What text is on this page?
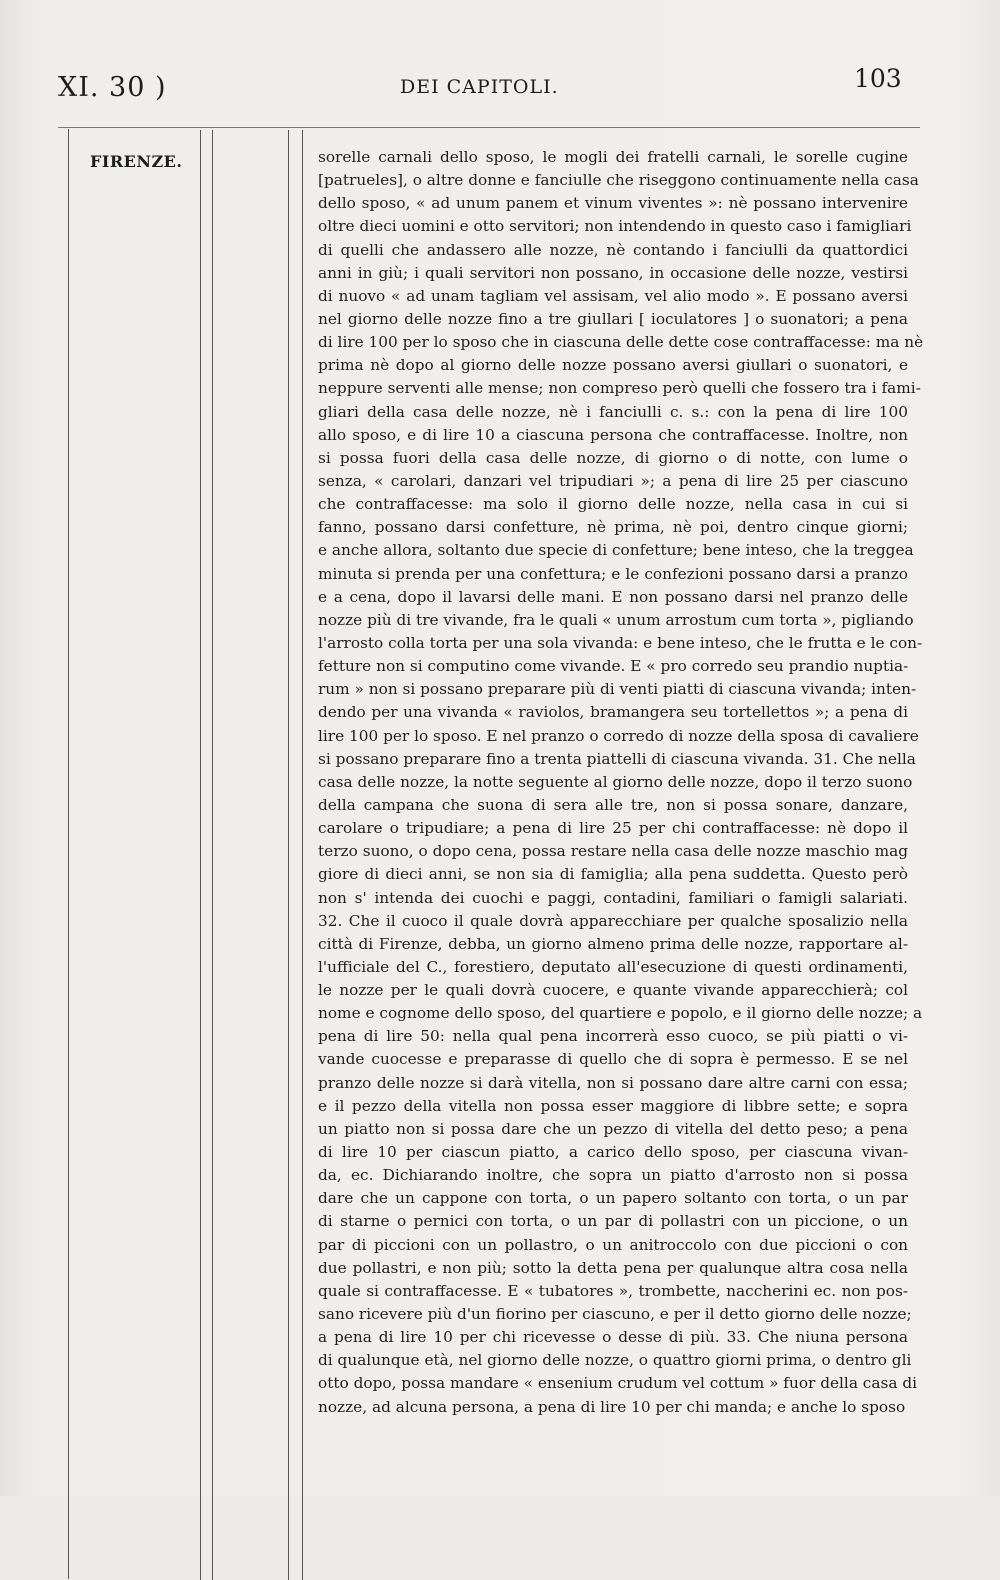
XI. 30 )	DEI CAPITOLI.	103
FIRENZE.	sorelle carnali dello sposo, le mogli dei fratelli carnali, le sorelle cugine
[patrueles], o altre donne e fanciulle che riseggono continuamente nella casa
dello sposo, « ad unum panem et vinum viventes »: nè possano intervenire
oltre dieci uomini e otto servitori; non intendendo in questo caso i famigliari
di quelli che andassero alle nozze, nè contando i fanciulli da quattordici
anni in giù; i quali servitori non possano, in occasione delle nozze, vestirsi
di nuovo « ad unam tagliam vel assisam, vel alio modo ». E possano aversi
nel giorno delle nozze fino a tre giullari [ ioculatores ] o suonatori; a pena
di lire 100 per lo sposo che in ciascuna delle dette cose contraffacesse: ma nè
prima nè dopo al giorno delle nozze possano aversi giullari o suonatori, e
neppure serventi alle mense; non compreso però quelli che fossero tra i fami-
gliari della casa delle nozze, nè i fanciulli c. s.: con la pena di lire 100
allo sposo, e di lire 10 a ciascuna persona che contraffacesse. Inoltre, non
si possa fuori della casa delle nozze, di giorno o di notte, con lume o
senza, « carolari, danzari vel tripudiari »; a pena di lire 25 per ciascuno
che contraffacesse: ma solo il giorno delle nozze, nella casa in cui si
fanno, possano darsi confetture, nè prima, nè poi, dentro cinque giorni;
e anche allora, soltanto due specie di confetture; bene inteso, che la treggea
minuta si prenda per una confettura; e le confezioni possano darsi a pranzo
e a cena, dopo il lavarsi delle mani. E non possano darsi nel pranzo delle
nozze più di tre vivande, fra le quali « unum arrostum cum torta », pigliando
l'arrosto colla torta per una sola vivanda: e bene inteso, che le frutta e le con-
fetture non si computino come vivande. E « pro corredo seu prandio nuptia-
rum » non si possano preparare più di venti piatti di ciascuna vivanda; inten-
dendo per una vivanda « raviolos, bramangera seu tortellettos »; a pena di
lire 100 per lo sposo. E nel pranzo o corredo di nozze della sposa di cavaliere
si possano preparare fino a trenta piattelli di ciascuna vivanda. 31. Che nella
casa delle nozze, la notte seguente al giorno delle nozze, dopo il terzo suono
della campana che suona di sera alle tre, non si possa sonare, danzare,
carolare o tripudiare; a pena di lire 25 per chi contraffacesse: nè dopo il
terzo suono, o dopo cena, possa restare nella casa delle nozze maschio mag
giore di dieci anni, se non sia di famiglia; alla pena suddetta. Questo però
non s' intenda dei cuochi e paggi, contadini, familiari o famigli salariati.
32. Che il cuoco il quale dovrà apparecchiare per qualche sposalizio nella
città di Firenze, debba, un giorno almeno prima delle nozze, rapportare al-
l'ufficiale del C., forestiero, deputato all'esecuzione di questi ordinamenti,
le nozze per le quali dovrà cuocere, e quante vivande apparecchierà; col
nome e cognome dello sposo, del quartiere e popolo, e il giorno delle nozze; a
pena di lire 50: nella qual pena incorrerà esso cuoco, se più piatti o vi-
vande cuocesse e preparasse di quello che di sopra è permesso. E se nel
pranzo delle nozze si darà vitella, non si possano dare altre carni con essa;
e il pezzo della vitella non possa esser maggiore di libbre sette; e sopra
un piatto non si possa dare che un pezzo di vitella del detto peso; a pena
di lire 10 per ciascun piatto, a carico dello sposo, per ciascuna vivan-
da, ec. Dichiarando inoltre, che sopra un piatto d'arrosto non si possa
dare che un cappone con torta, o un papero soltanto con torta, o un par
di starne o pernici con torta, o un par di pollastri con un piccione, o un
par di piccioni con un pollastro, o un anitroccolo con due piccioni o con
due pollastri, e non più; sotto la detta pena per qualunque altra cosa nella
quale si contraffacesse. E « tubatores », trombette, naccherini ec. non pos-
sano ricevere più d'un fiorino per ciascuno, e per il detto giorno delle nozze;
a pena di lire 10 per chi ricevesse o desse di più. 33. Che niuna persona
di qualunque età, nel giorno delle nozze, o quattro giorni prima, o dentro gli
otto dopo, possa mandare « ensenium crudum vel cottum » fuor della casa di
nozze, ad alcuna persona, a pena di lire 10 per chi manda; e anche lo sposo
